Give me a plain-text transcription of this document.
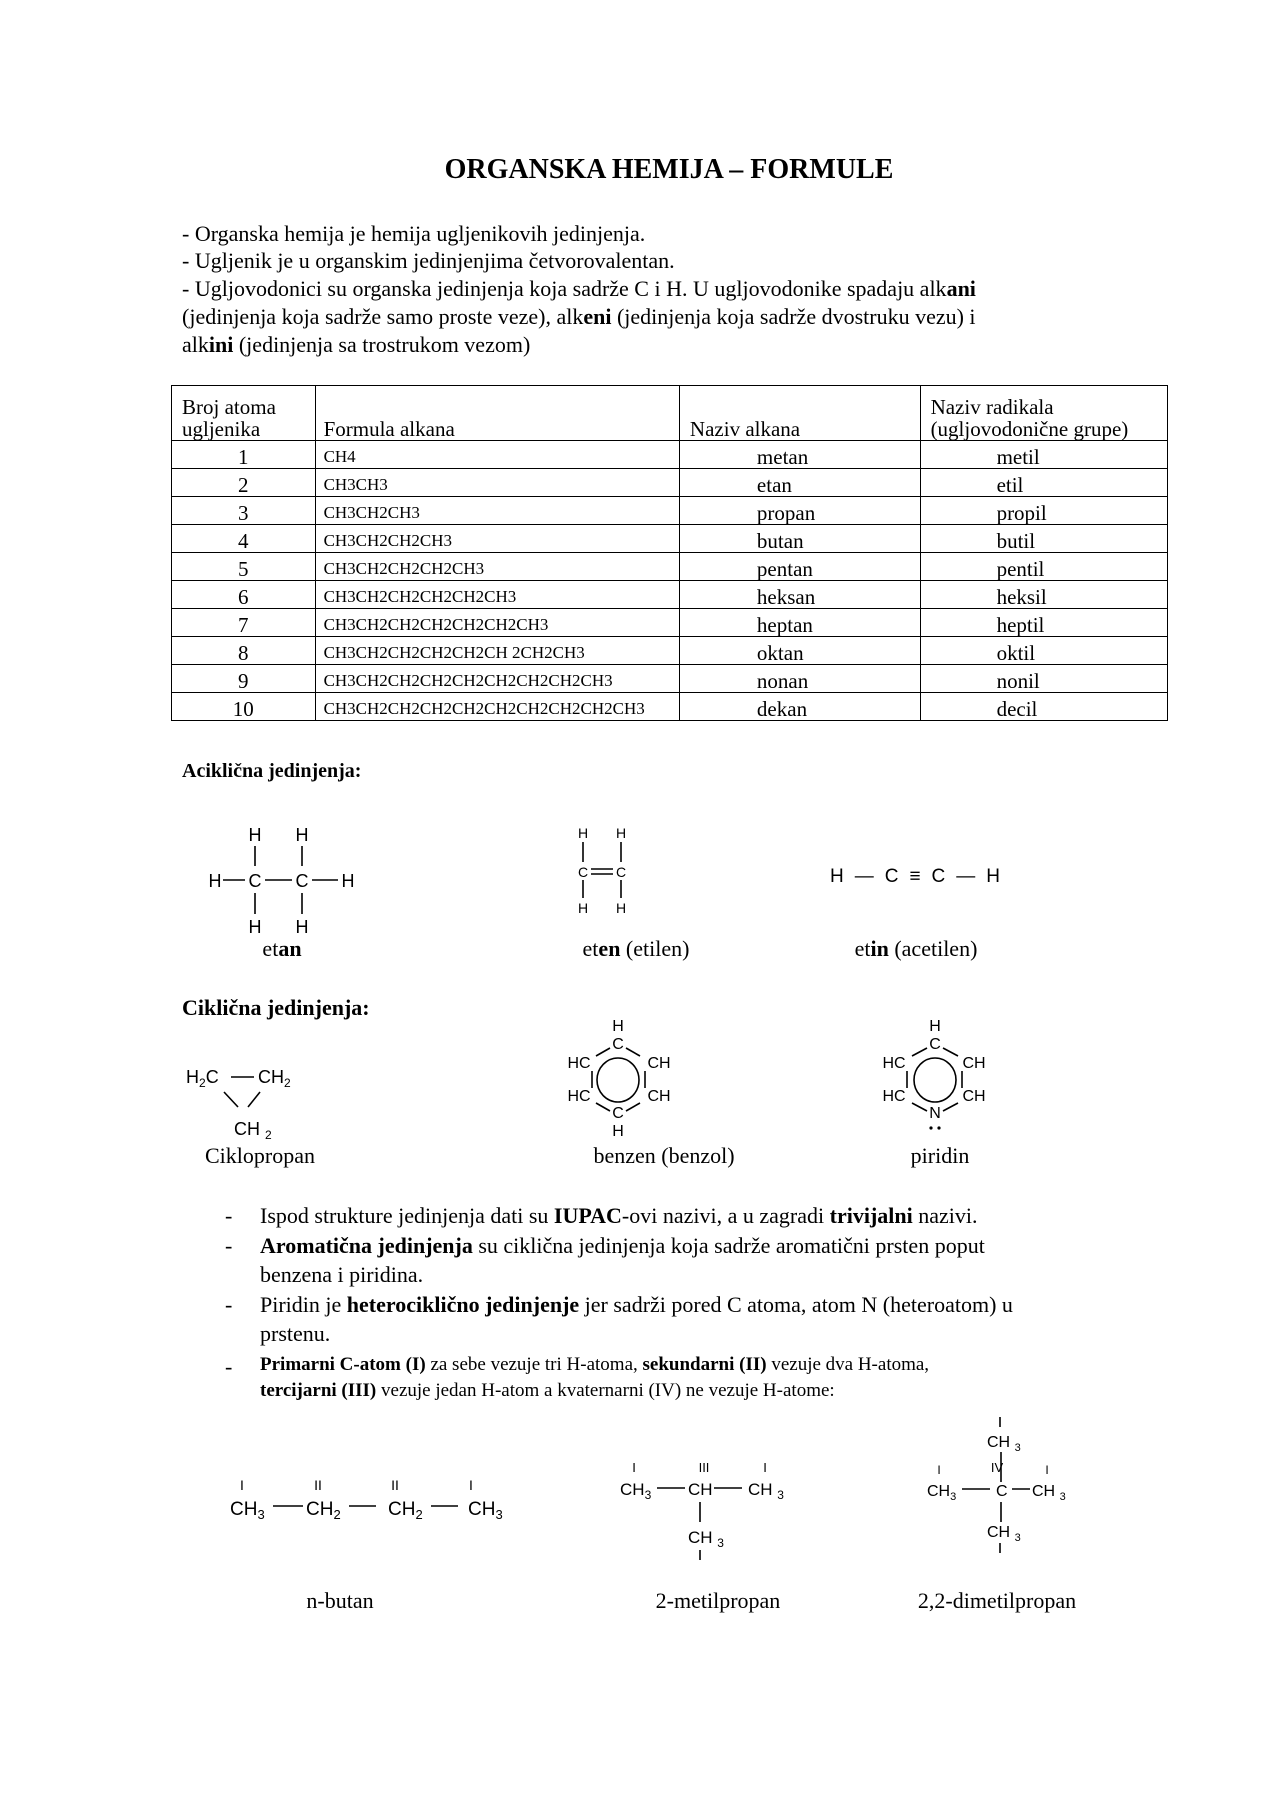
ORGANSKA HEMIJA – FORMULE
- Organska hemija je hemija ugljenikovih jedinjenja.
- Ugljenik je u organskim jedinjenjima četvorovalentan.
- Ugljovodonici su organska jedinjenja koja sadrže C i H. U ugljovodonike spadaju alkani
(jedinjenja koja sadrže samo proste veze), alkeni (jedinjenja koja sadrže dvostruku vezu) i
alkini (jedinjenja sa trostrukom vezom)
Broj atoma
ugljenika	Formula alkana	Naziv alkana	Naziv radikala
(ugljovodonične grupe)
1	CH4	metan	metil
2	CH3CH3	etan	etil
3	CH3CH2CH3	propan	propil
4	CH3CH2CH2CH3	butan	butil
5	CH3CH2CH2CH2CH3	pentan	pentil
6	CH3CH2CH2CH2CH2CH3	heksan	heksil
7	CH3CH2CH2CH2CH2CH2CH3	heptan	heptil
8	CH3CH2CH2CH2CH2CH 2CH2CH3	oktan	oktil
9	CH3CH2CH2CH2CH2CH2CH2CH2CH3	nonan	nonil
10	CH3CH2CH2CH2CH2CH2CH2CH2CH2CH3	dekan	decil
Aciklična jedinjenja:
etan	eten (etilen)	etin (acetilen)
Ciklična jedinjenja:
Ciklopropan	benzen (benzol)	piridin
- Ispod strukture jedinjenja dati su IUPAC-ovi nazivi, a u zagradi trivijalni nazivi.
- Aromatična jedinjenja su ciklična jedinjenja koja sadrže aromatični prsten poput
benzena i piridina.
- Piridin je heterociklično jedinjenje jer sadrži pored C atoma, atom N (heteroatom) u
prstenu.
- Primarni C-atom (I) za sebe vezuje tri H-atoma, sekundarni (II) vezuje dva H-atoma,
tercijarni (III) vezuje jedan H-atom a kvaternarni (IV) ne vezuje H-atome:
n-butan	2-metilpropan	2,2-dimetilpropan
H H
H C C H
H H
H H
C C
H H
H—C≡C—H
$H_2C$ $CH_2$
CH $_2$
H
C
HC	CH
HC	CH
C
H
H
C
HC	CH
HC	CH
N
I	II	II	I
$CH_3$ $CH_2$ $CH_2$ $CH_3$
I	III	I
$CH_3$ CH CH $_3$
CH $_3$
CH $_3$
I	IV	I
$CH_3$ C CH $_3$
CH $_3$
